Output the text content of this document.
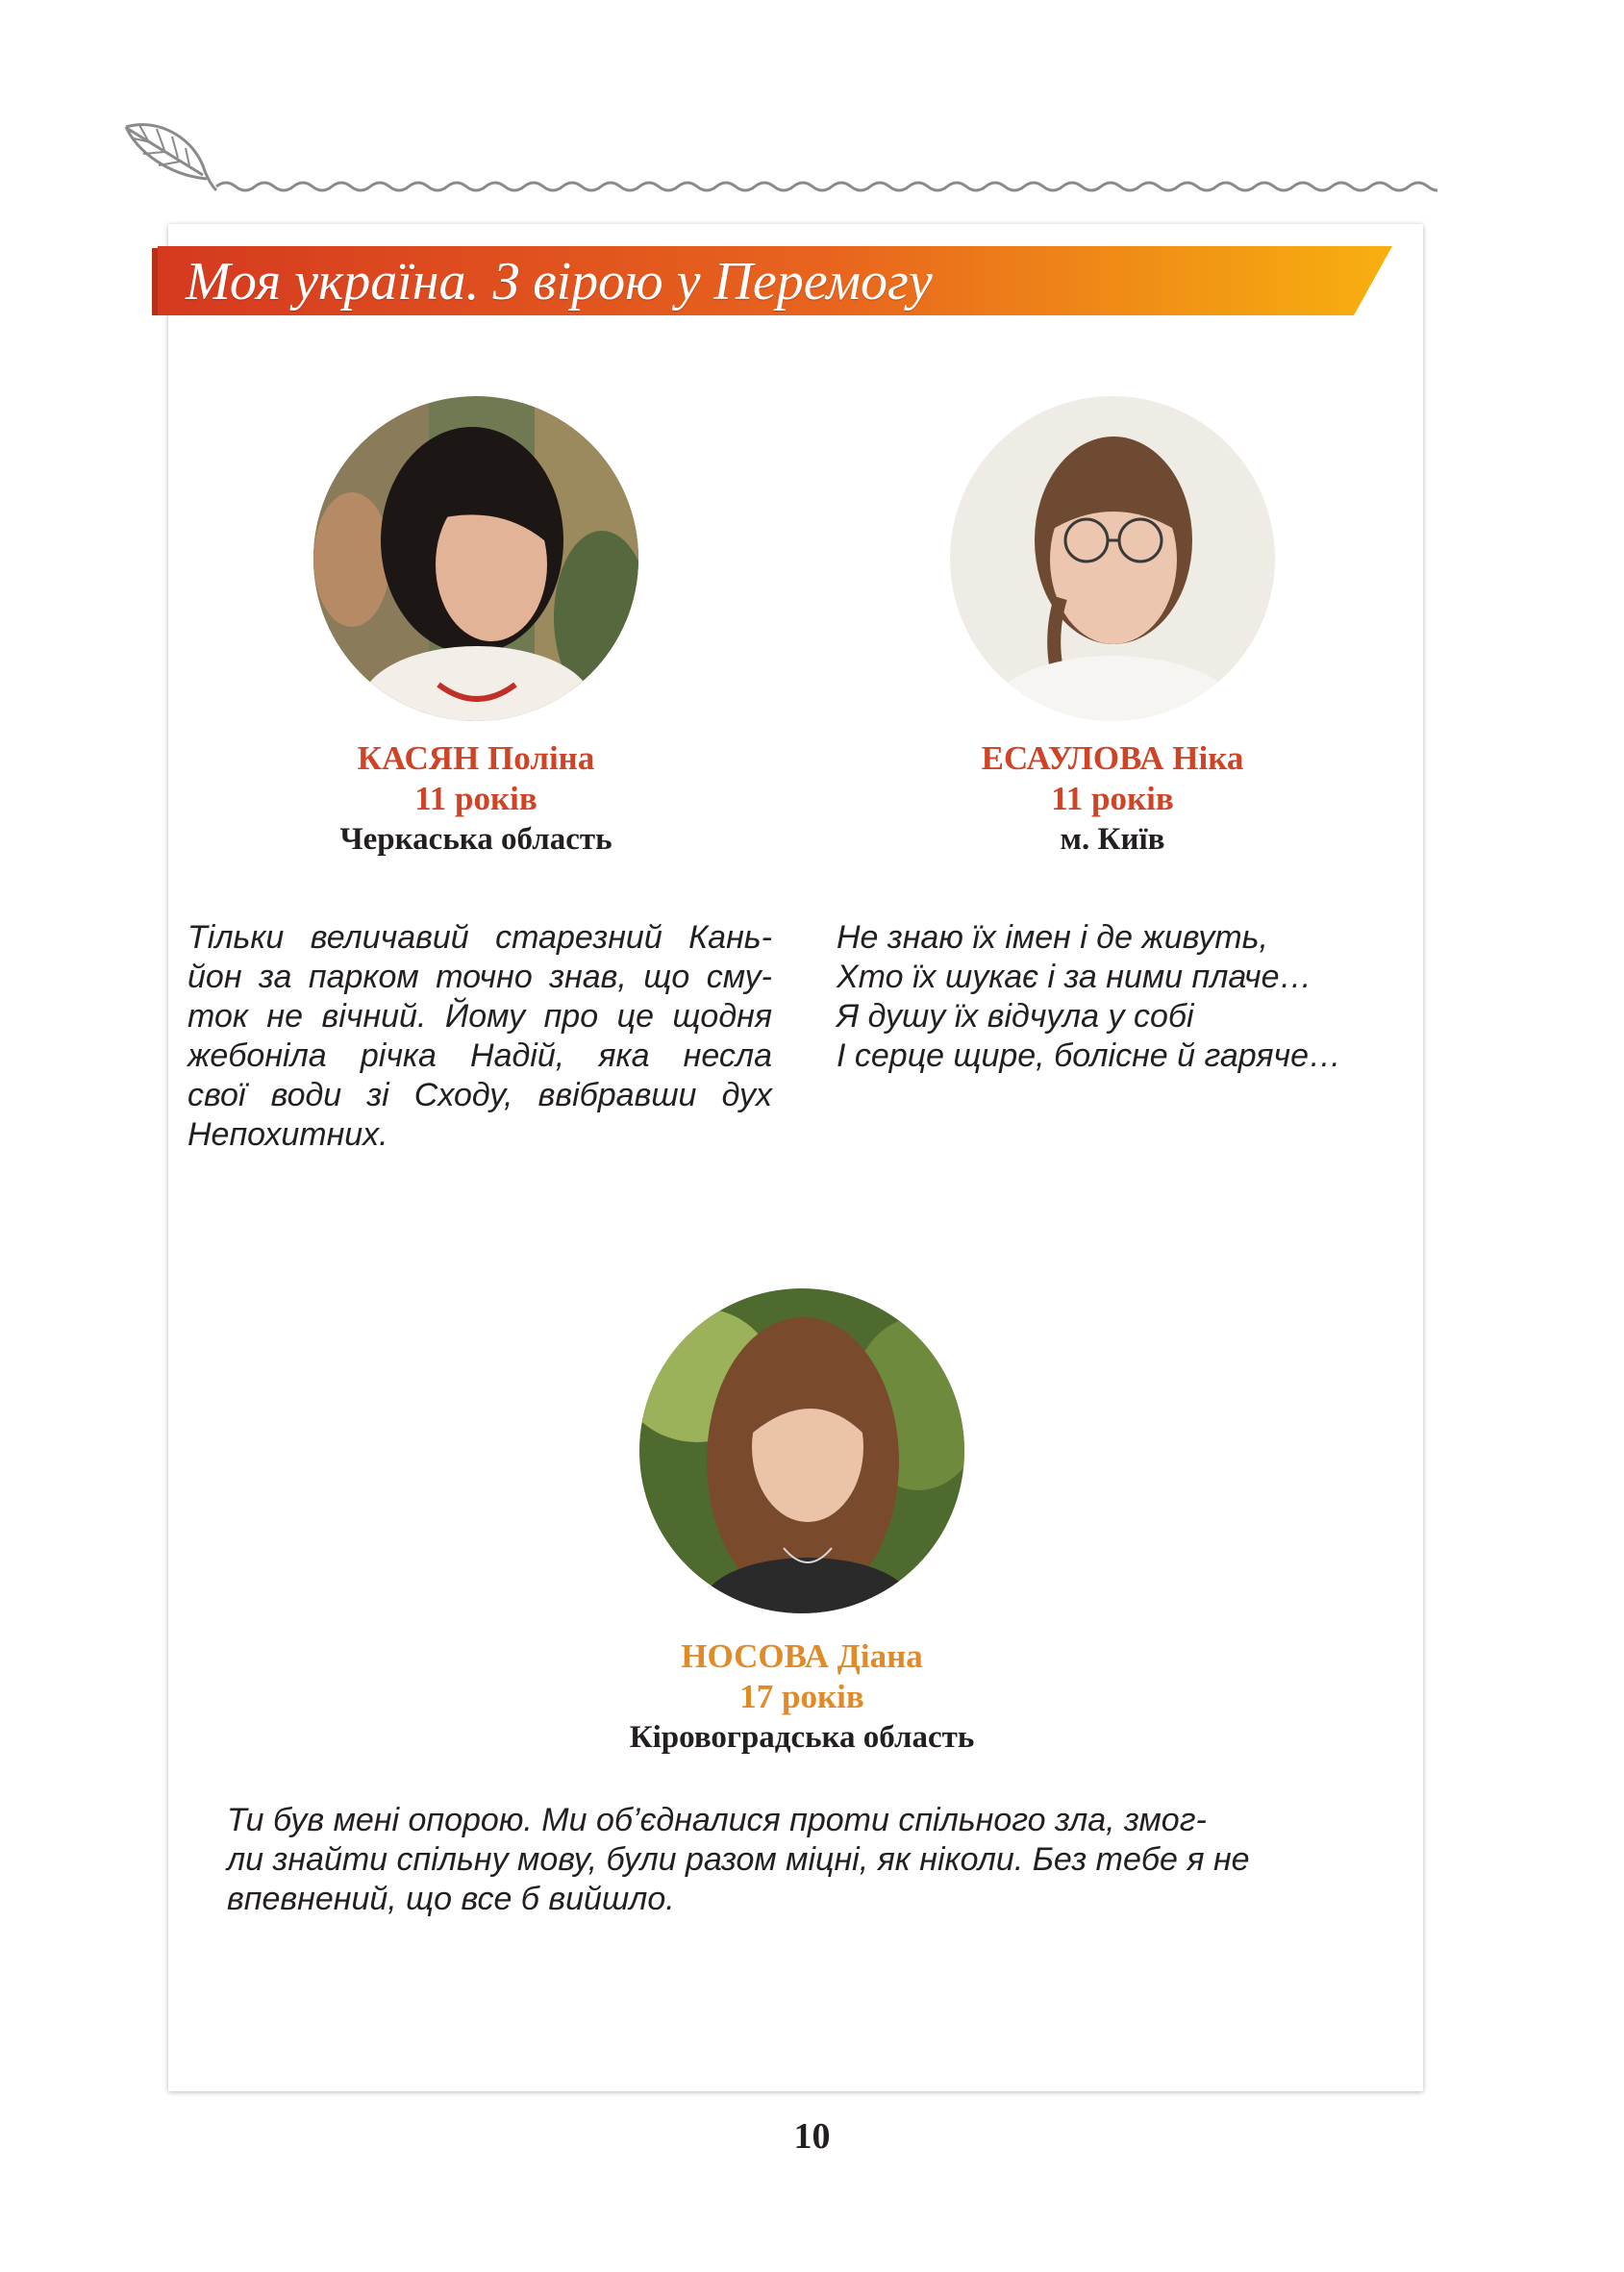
Моя україна. З вірою у Перемогу
КАСЯН Поліна
11 років
Черкаська область
Тільки величавий старезний Кань-
йон за парком точно знав, що сму-
ток не вічний. Йому про це щодня
жебоніла річка Надій, яка несла
свої води зі Сходу, ввібравши дух
Непохитних.
ЕСАУЛОВА Ніка
11 років
м. Київ
Не знаю їх імен і де живуть,
Хто їх шукає і за ними плаче…
Я душу їх відчула у собі
І серце щире, болісне й гаряче…
НОСОВА Діана
17 років
Кіровоградська область
Ти був мені опорою. Ми об’єдналися проти спільного зла, змог-
ли знайти спільну мову, були разом міцні, як ніколи. Без тебе я не
впевнений, що все б вийшло.
10
